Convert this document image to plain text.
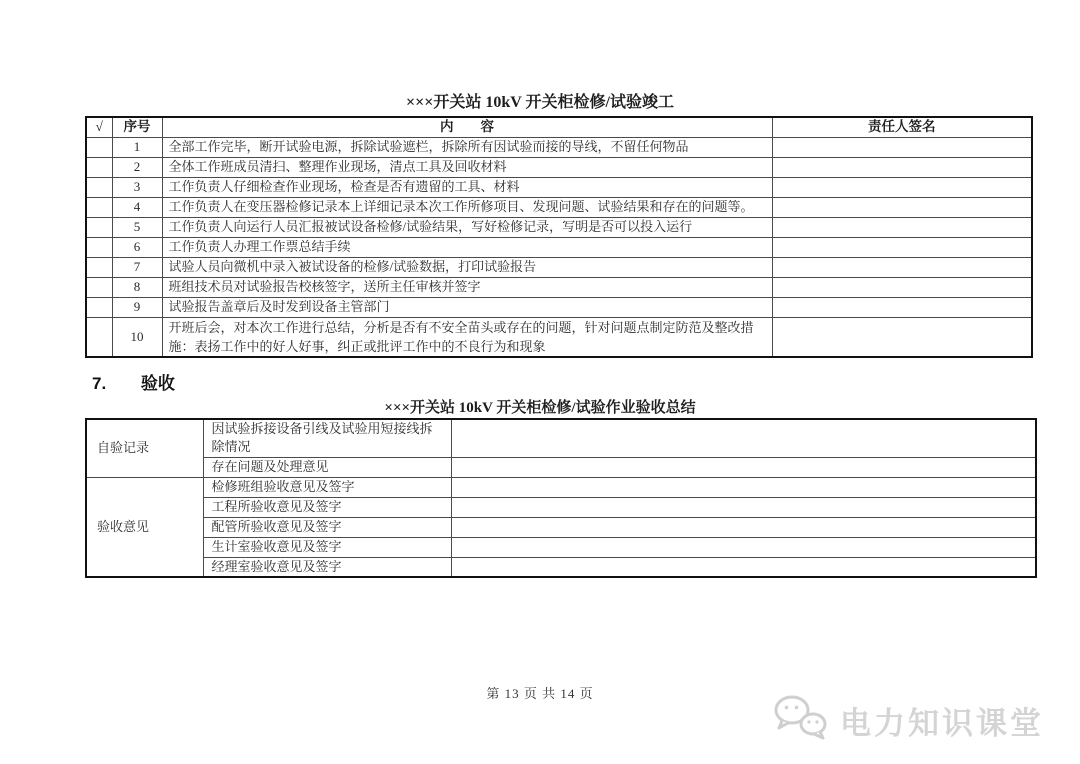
×××开关站 10kV 开关柜检修/试验竣工
√	序号	内　　容	责任人签名
	1	全部工作完毕，断开试验电源，拆除试验遮栏，拆除所有因试验而接的导线，不留任何物品	
	2	全体工作班成员清扫、整理作业现场，清点工具及回收材料	
	3	工作负责人仔细检查作业现场，检查是否有遗留的工具、材料	
	4	工作负责人在变压器检修记录本上详细记录本次工作所修项目、发现问题、试验结果和存在的问题等。	
	5	工作负责人向运行人员汇报被试设备检修/试验结果，写好检修记录，写明是否可以投入运行	
	6	工作负责人办理工作票总结手续	
	7	试验人员向微机中录入被试设备的检修/试验数据，打印试验报告	
	8	班组技术员对试验报告校核签字，送所主任审核并签字	
	9	试验报告盖章后及时发到设备主管部门	
	10	开班后会，对本次工作进行总结，分析是否有不安全苗头或存在的问题，针对问题点制定防范及整改措施：表扬工作中的好人好事，纠正或批评工作中的不良行为和现象	
7. 验收
×××开关站 10kV 开关柜检修/试验作业验收总结
自验记录	因试验拆接设备引线及试验用短接线拆除情况	
	存在问题及处理意见	
验收意见	检修班组验收意见及签字	
	工程所验收意见及签字	
	配管所验收意见及签字	
	生计室验收意见及签字	
	经理室验收意见及签字	
第 13 页 共 14 页
电力知识课堂
